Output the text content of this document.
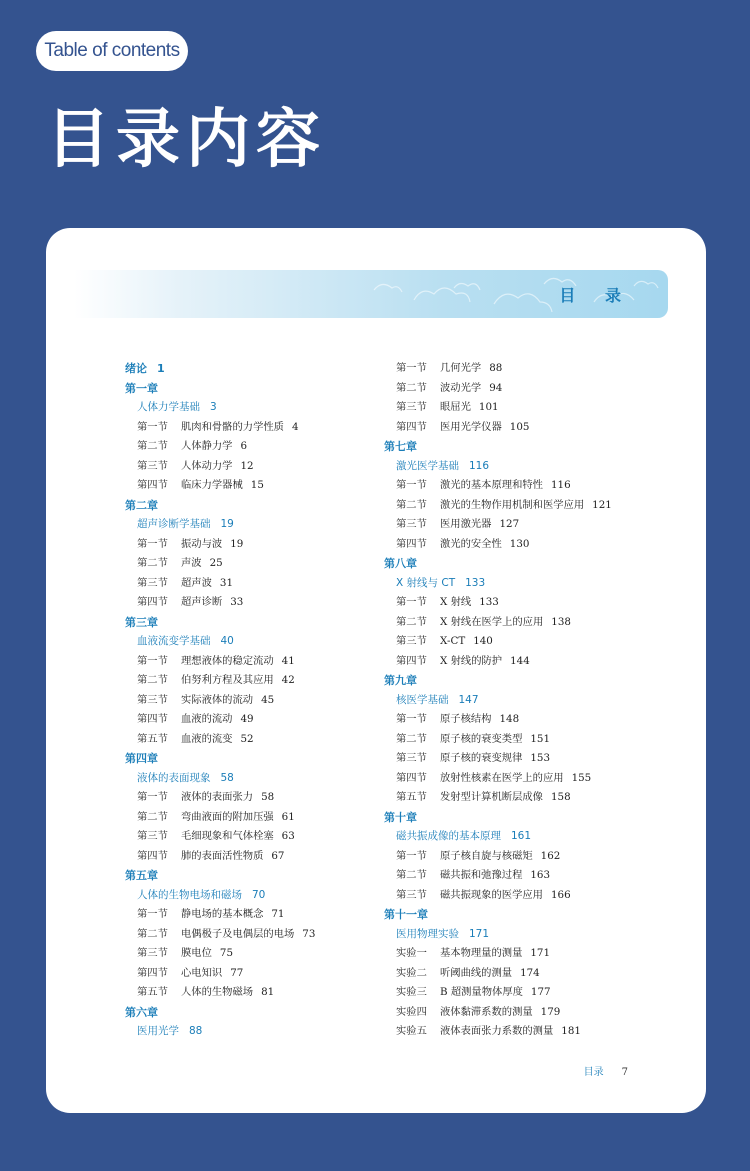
Table of contents
目录内容
目 录
绪论 1
第一章
人体力学基础 3
第一节 肌肉和骨骼的力学性质 4
第二节 人体静力学 6
第三节 人体动力学 12
第四节 临床力学器械 15
第二章
超声诊断学基础 19
第一节 振动与波 19
第二节 声波 25
第三节 超声波 31
第四节 超声诊断 33
第三章
血液流变学基础 40
第一节 理想液体的稳定流动 41
第二节 伯努利方程及其应用 42
第三节 实际液体的流动 45
第四节 血液的流动 49
第五节 血液的流变 52
第四章
液体的表面现象 58
第一节 液体的表面张力 58
第二节 弯曲液面的附加压强 61
第三节 毛细现象和气体栓塞 63
第四节 肺的表面活性物质 67
第五章
人体的生物电场和磁场 70
第一节 静电场的基本概念 71
第二节 电偶极子及电偶层的电场 73
第三节 膜电位 75
第四节 心电知识 77
第五节 人体的生物磁场 81
第六章
医用光学 88
第一节 几何光学 88
第二节 波动光学 94
第三节 眼屈光 101
第四节 医用光学仪器 105
第七章
激光医学基础 116
第一节 激光的基本原理和特性 116
第二节 激光的生物作用机制和医学应用 121
第三节 医用激光器 127
第四节 激光的安全性 130
第八章
X 射线与 CT 133
第一节 X 射线 133
第二节 X 射线在医学上的应用 138
第三节 X-CT 140
第四节 X 射线的防护 144
第九章
核医学基础 147
第一节 原子核结构 148
第二节 原子核的衰变类型 151
第三节 原子核的衰变规律 153
第四节 放射性核素在医学上的应用 155
第五节 发射型计算机断层成像 158
第十章
磁共振成像的基本原理 161
第一节 原子核自旋与核磁矩 162
第二节 磁共振和弛豫过程 163
第三节 磁共振现象的医学应用 166
第十一章
医用物理实验 171
实验一 基本物理量的测量 171
实验二 听阈曲线的测量 174
实验三 B 超测量物体厚度 177
实验四 液体黏滞系数的测量 179
实验五 液体表面张力系数的测量 181
目录 7
